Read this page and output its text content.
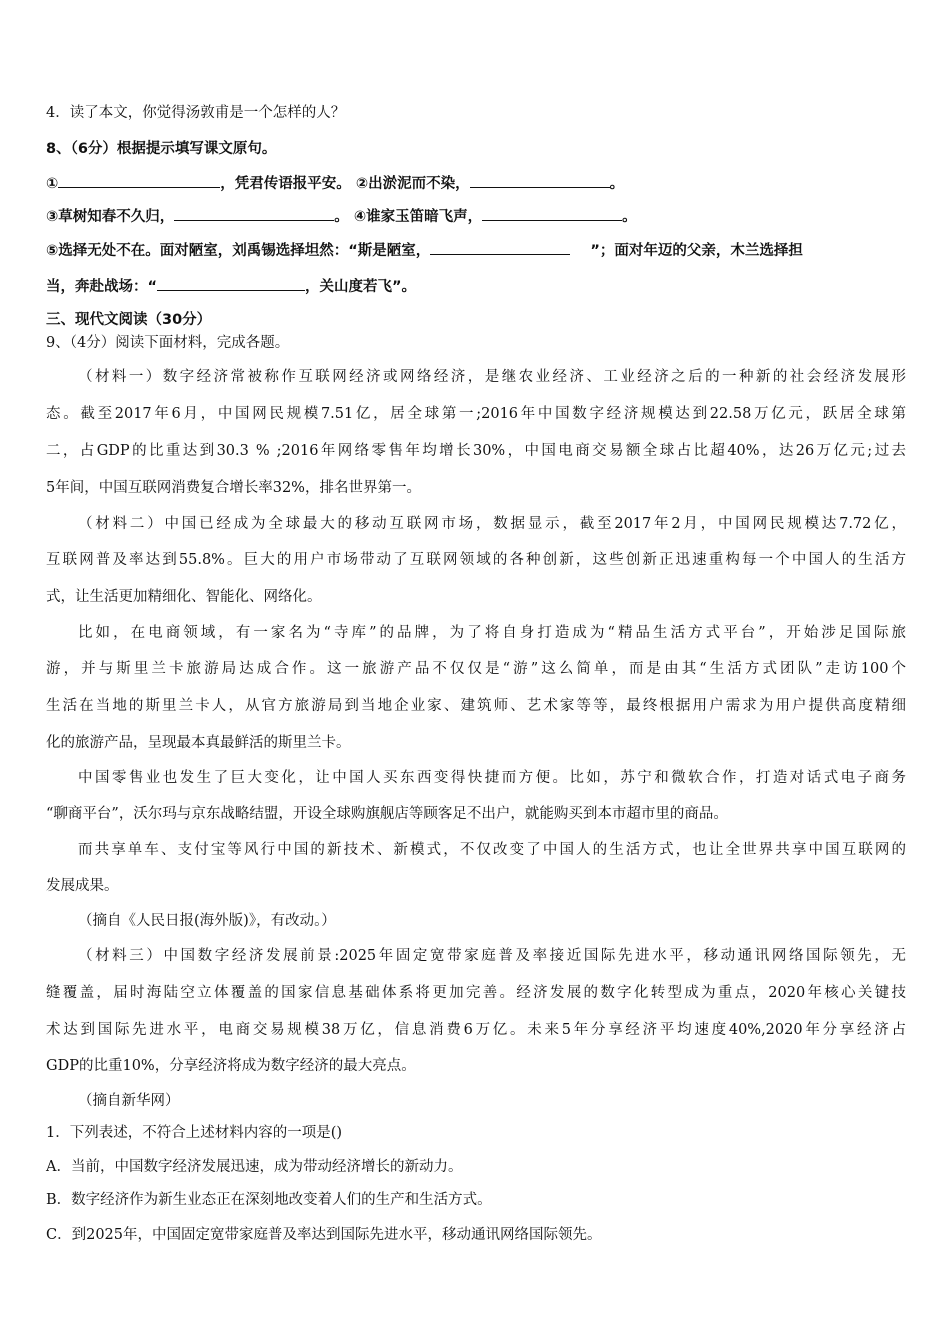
4．读了本文，你觉得汤敦甫是一个怎样的人？
8、（6分）根据提示填写课文原句。
①	，凭君传语报平安。 ②出淤泥而不染，	。
③草树知春不久归，	。 ④谁家玉笛暗飞声，	。
⑤选择无处不在。面对陋室，刘禹锡选择坦然：“斯是陋室，	”；面对年迈的父亲，木兰选择担
当，奔赴战场：“	，关山度若飞”。
三、现代文阅读（30分）
9、（4分）阅读下面材料，完成各题。
（材料一）数字经济常被称作互联网经济或网络经济，是继农业经济、工业经济之后的一种新的社会经济发展形
态。截至2017年6月，中国网民规模7.51亿，居全球第一;2016年中国数字经济规模达到22.58万亿元，跃居全球第
二，占GDP的比重达到30.3 % ;2016年网络零售年均增长30%，中国电商交易额全球占比超40%，达26万亿元;过去
5年间，中国互联网消费复合增长率32%，排名世界第一。
（材料二）中国已经成为全球最大的移动互联网市场，数据显示，截至2017年2月，中国网民规模达7.72亿，
互联网普及率达到55.8%。巨大的用户市场带动了互联网领域的各种创新，这些创新正迅速重构每一个中国人的生活方
式，让生活更加精细化、智能化、网络化。
比如，在电商领域，有一家名为“寺库”的品牌，为了将自身打造成为“精品生活方式平台”，开始涉足国际旅
游，并与斯里兰卡旅游局达成合作。这一旅游产品不仅仅是“游”这么简单，而是由其“生活方式团队”走访100个
生活在当地的斯里兰卡人，从官方旅游局到当地企业家、建筑师、艺术家等等，最终根据用户需求为用户提供高度精细
化的旅游产品，呈现最本真最鲜活的斯里兰卡。
中国零售业也发生了巨大变化，让中国人买东西变得快捷而方便。比如，苏宁和微软合作，打造对话式电子商务
“聊商平台”，沃尔玛与京东战略结盟，开设全球购旗舰店等顾客足不出户，就能购买到本市超市里的商品。
而共享单车、支付宝等风行中国的新技术、新模式，不仅改变了中国人的生活方式，也让全世界共享中国互联网的
发展成果。
（摘自《人民日报(海外版)》，有改动。）
（材料三）中国数字经济发展前景:2025年固定宽带家庭普及率接近国际先进水平，移动通讯网络国际领先，无
缝覆盖，届时海陆空立体覆盖的国家信息基础体系将更加完善。经济发展的数字化转型成为重点，2020年核心关键技
术达到国际先进水平，电商交易规模38万亿，信息消费6万亿。未来5年分享经济平均速度40%,2020年分享经济占
GDP的比重10%，分享经济将成为数字经济的最大亮点。
（摘自新华网）
1．下列表述，不符合上述材料内容的一项是()
A．当前，中国数字经济发展迅速，成为带动经济增长的新动力。
B．数字经济作为新生业态正在深刻地改变着人们的生产和生活方式。
C．到2025年，中国固定宽带家庭普及率达到国际先进水平，移动通讯网络国际领先。
